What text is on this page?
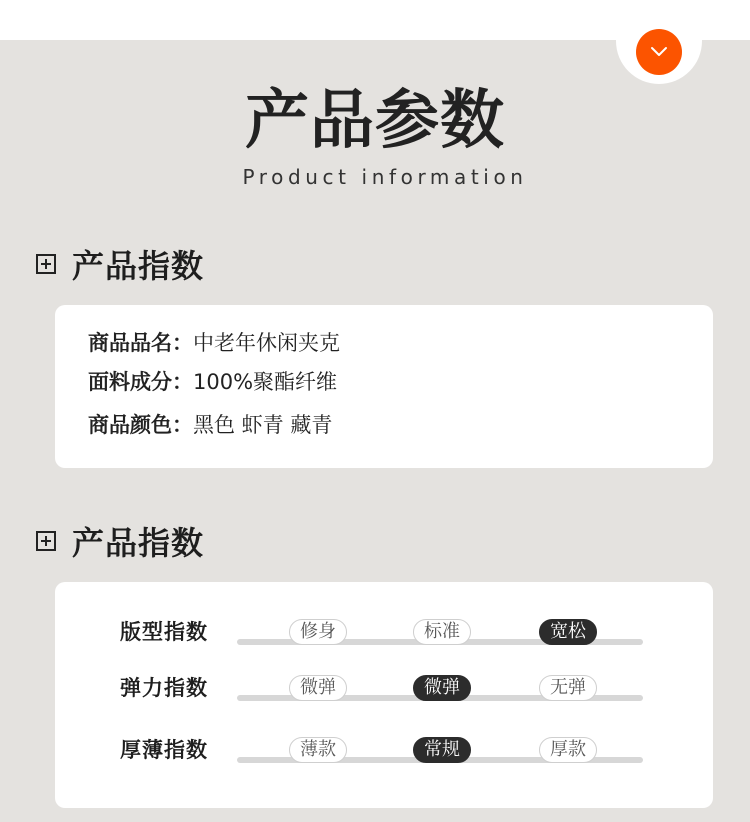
产品参数
Product information
产品指数
商品品名：中老年休闲夹克
面料成分：100%聚酯纤维
商品颜色：黑色 虾青 藏青
产品指数
版型指数	修身	标准	宽松
弹力指数	微弹	微弹	无弹
厚薄指数	薄款	常规	厚款
